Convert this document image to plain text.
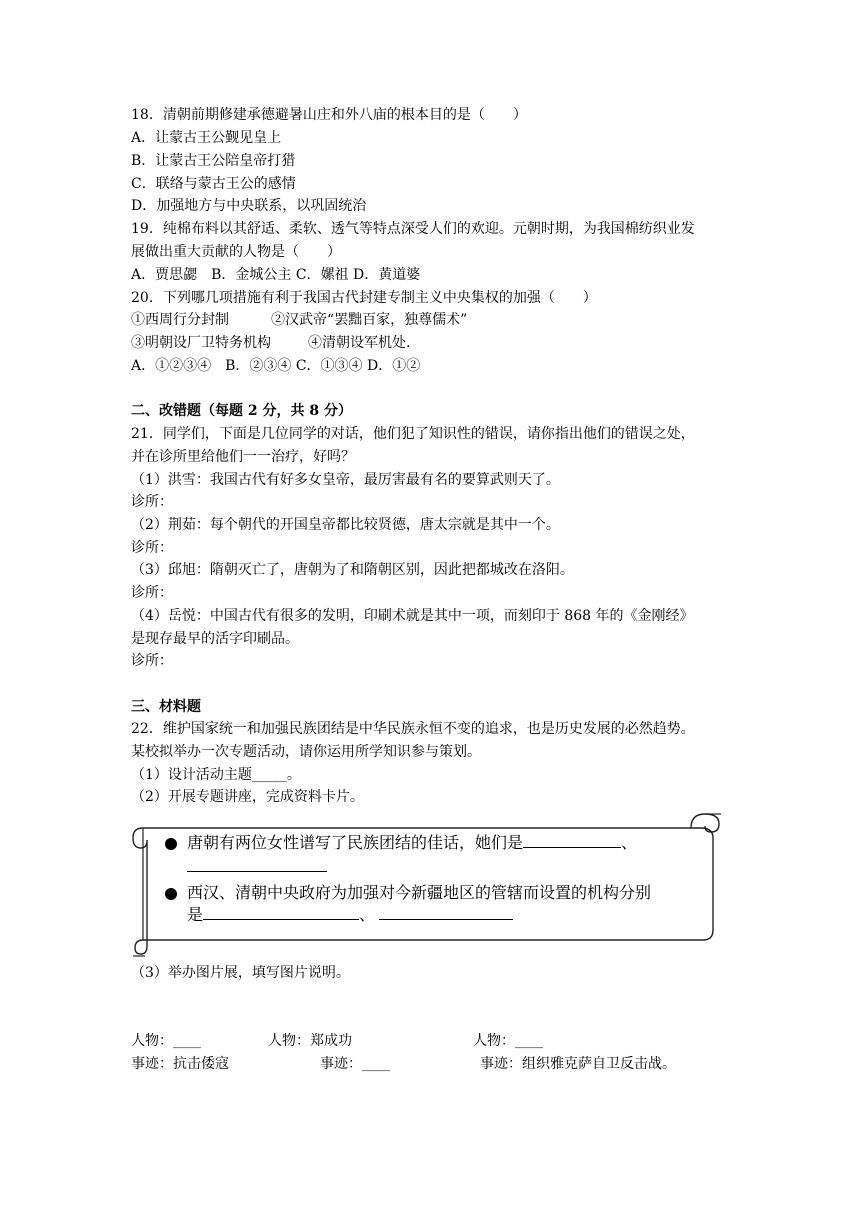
18．清朝前期修建承德避暑山庄和外八庙的根本目的是（　　）
A．让蒙古王公觐见皇上
B．让蒙古王公陪皇帝打猎
C．联络与蒙古王公的感情
D．加强地方与中央联系，以巩固统治
19．纯棉布料以其舒适、柔软、透气等特点深受人们的欢迎。元朝时期，为我国棉纺织业发
展做出重大贡献的人物是（　　）
A．贾思勰　B．金城公主 C．嫘祖 D．黄道婆
20．下列哪几项措施有利于我国古代封建专制主义中央集权的加强（　　）
①西周行分封制	②汉武帝“罢黜百家，独尊儒术”
③明朝设厂卫特务机构	④清朝设军机处.
A．①②③④　B．②③④ C．①③④ D．①②
二、改错题（每题 2 分，共 8 分）
21．同学们，下面是几位同学的对话，他们犯了知识性的错误，请你指出他们的错误之处，
并在诊所里给他们一一治疗，好吗？
（1）洪雪：我国古代有好多女皇帝，最厉害最有名的要算武则天了。
诊所：
（2）荆茹：每个朝代的开国皇帝都比较贤德，唐太宗就是其中一个。
诊所：
（3）邱旭：隋朝灭亡了，唐朝为了和隋朝区别，因此把都城改在洛阳。
诊所：
（4）岳悦：中国古代有很多的发明，印刷术就是其中一项，而刻印于 868 年的《金刚经》
是现存最早的活字印刷品。
诊所：
三、材料题
22．维护国家统一和加强民族团结是中华民族永恒不变的追求，也是历史发展的必然趋势。
某校拟举办一次专题活动，请你运用所学知识参与策划。
（1）设计活动主题_____。
（2）开展专题讲座，完成资料卡片。
唐朝有两位女性谱写了民族团结的佳话，她们是	、
西汉、清朝中央政府为加强对今新疆地区的管辖而设置的机构分别
是	、
（3）举办图片展，填写图片说明。
人物：____	人物：郑成功	人物：____
事迹：抗击倭寇	事迹：____	事迹：组织雅克萨自卫反击战。
